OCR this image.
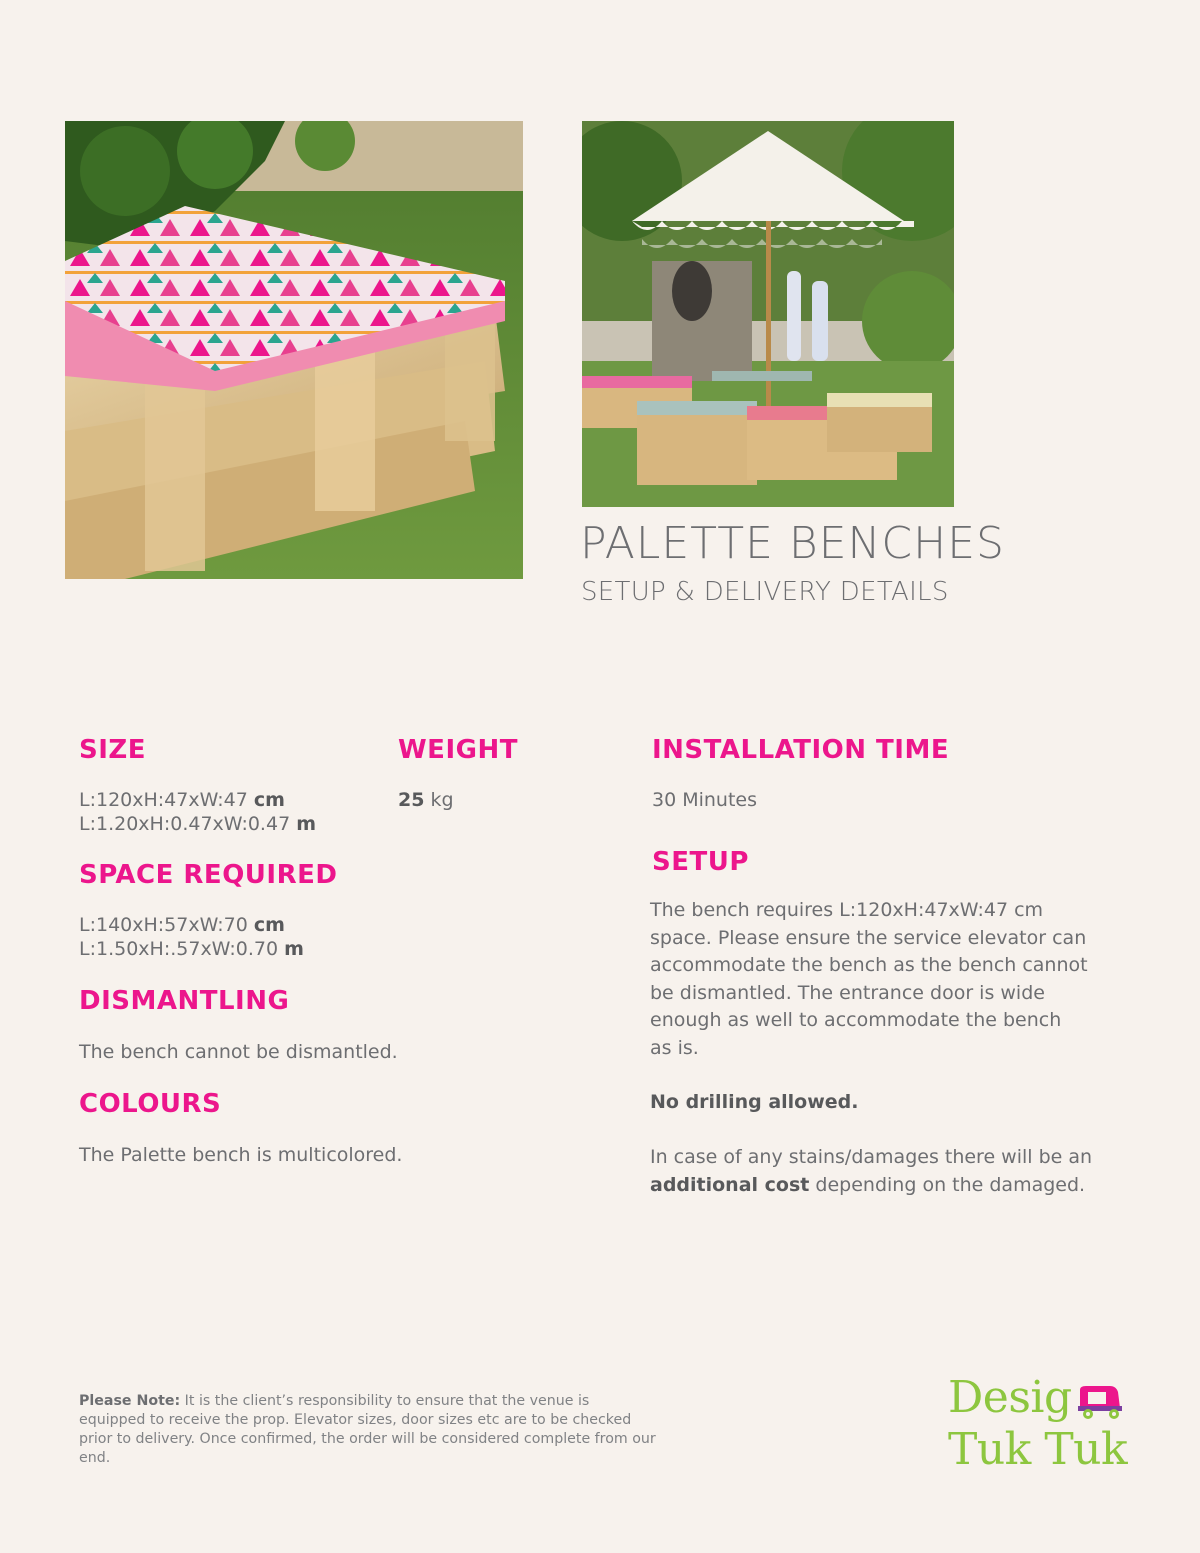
PALETTE BENCHES
SETUP & DELIVERY DETAILS
SIZE
L:120xH:47xW:47 cm
L:1.20xH:0.47xW:0.47 m
WEIGHT
25 kg
INSTALLATION TIME
30 Minutes
SPACE REQUIRED
L:140xH:57xW:70 cm
L:1.50xH:.57xW:0.70 m
SETUP
The bench requires L:120xH:47xW:47 cm
space. Please ensure the service elevator can
accommodate the bench as the bench cannot
be dismantled. The entrance door is wide
enough as well to accommodate the bench
as is.
No drilling allowed.
In case of any stains/damages there will be an
additional cost depending on the damaged.
DISMANTLING
The bench cannot be dismantled.
COLOURS
The Palette bench is multicolored.
Please Note: It is the client’s responsibility to ensure that the venue is equipped to receive the prop. Elevator sizes, door sizes etc are to be checked prior to delivery. Once confirmed, the order will be considered complete from our end.
Desig
Tuk Tuk
